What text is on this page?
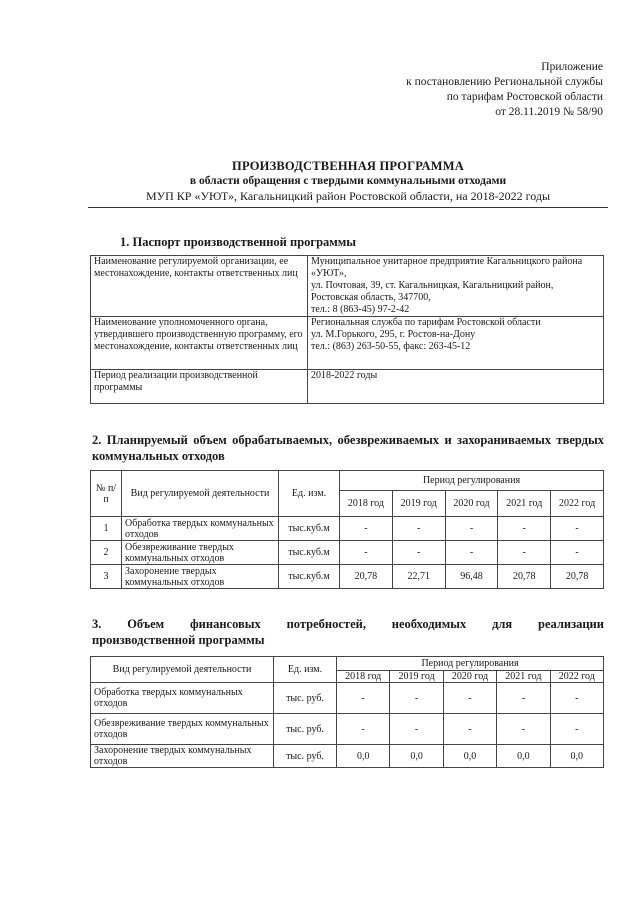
Приложение
к постановлению Региональной службы
по тарифам Ростовской области
от 28.11.2019 № 58/90
ПРОИЗВОДСТВЕННАЯ ПРОГРАММА
в области обращения с твердыми коммунальными отходами
МУП КР «УЮТ», Кагальницкий район Ростовской области, на 2018-2022 годы
1. Паспорт производственной программы
Наименование регулируемой организации, ее местонахождение, контакты ответственных лиц	Муниципальное унитарное предприятие Кагальницкого района «УЮТ»,
ул. Почтовая, 39, ст. Кагальницкая, Кагальницкий район,
Ростовская область, 347700,
тел.: 8 (863-45) 97-2-42

Наименование уполномоченного органа, утвердившего производственную программу, его местонахождение, контакты ответственных лиц	Региональная служба по тарифам Ростовской области
ул. М.Горького, 295, г. Ростов-на-Дону
тел.: (863) 263-50-55, факс: 263-45-12

Период реализации производственной программы	2018-2022 годы
2. Планируемый объем обрабатываемых, обезвреживаемых и захораниваемых твердых коммунальных отходов
№ п/п	Вид регулируемой деятельности	Ед. изм.	Период регулирования				
			2018 год	2019 год	2020 год	2021 год	2022 год
1	Обработка твердых коммунальных отходов	тыс.куб.м	-	-	-	-	-
2	Обезвреживание твердых коммунальных отходов	тыс.куб.м	-	-	-	-	-
3	Захоронение твердых коммунальных отходов	тыс.куб.м	20,78	22,71	96,48	20,78	20,78
3. Объем финансовых потребностей, необходимых для реализации
производственной программы
Вид регулируемой деятельности	Ед. изм.	Период регулирования				
		2018 год	2019 год	2020 год	2021 год	2022 год
Обработка твердых коммунальных отходов	тыс. руб.	-	-	-	-	-
Обезвреживание твердых коммунальных отходов	тыс. руб.	-	-	-	-	-
Захоронение твердых коммунальных отходов	тыс. руб.	0,0	0,0	0,0	0,0	0,0
